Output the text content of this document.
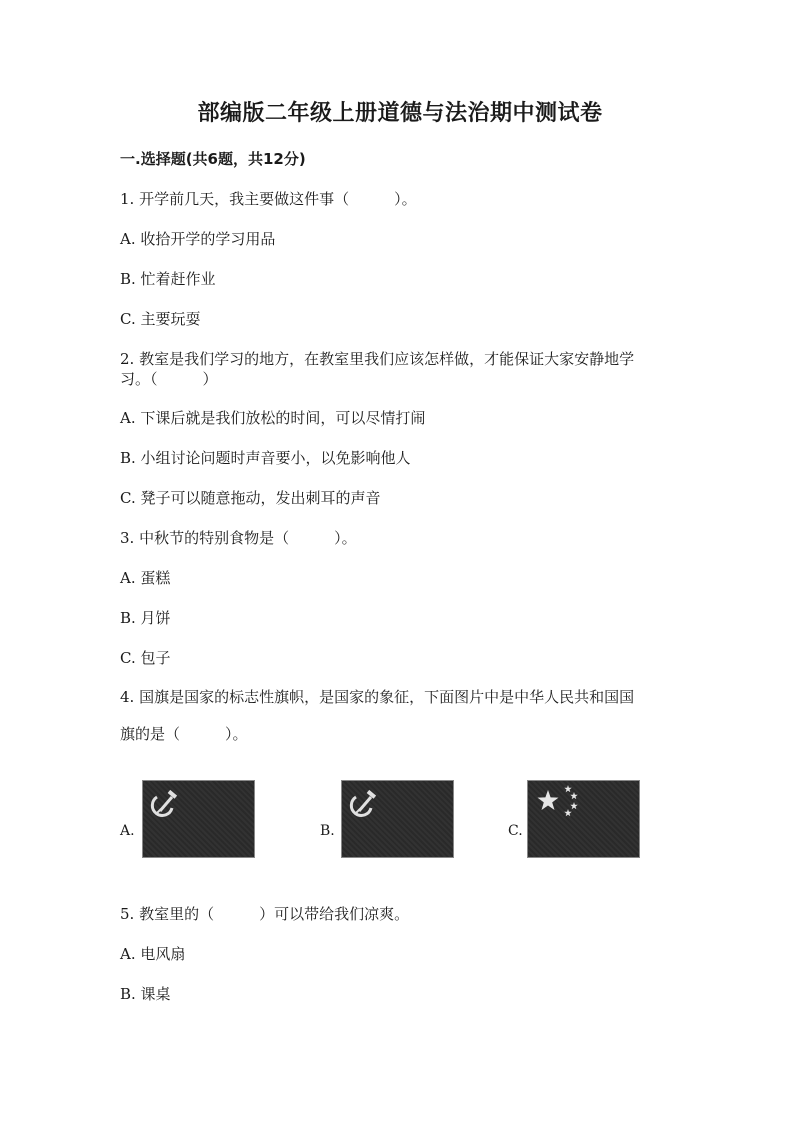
部编版二年级上册道德与法治期中测试卷
一.选择题(共6题，共12分)
1. 开学前几天，我主要做这件事（　　　）。
A. 收拾开学的学习用品
B. 忙着赶作业
C. 主要玩耍
2. 教室是我们学习的地方，在教室里我们应该怎样做，才能保证大家安静地学
习。（　　　）
A. 下课后就是我们放松的时间，可以尽情打闹
B. 小组讨论问题时声音要小，以免影响他人
C. 凳子可以随意拖动，发出刺耳的声音
3. 中秋节的特别食物是（　　　）。
A. 蛋糕
B. 月饼
C. 包子
4. 国旗是国家的标志性旗帜，是国家的象征，下面图片中是中华人民共和国国
旗的是（　　　）。
A.	B.	C.
5. 教室里的（　　　）可以带给我们凉爽。
A. 电风扇
B. 课桌
